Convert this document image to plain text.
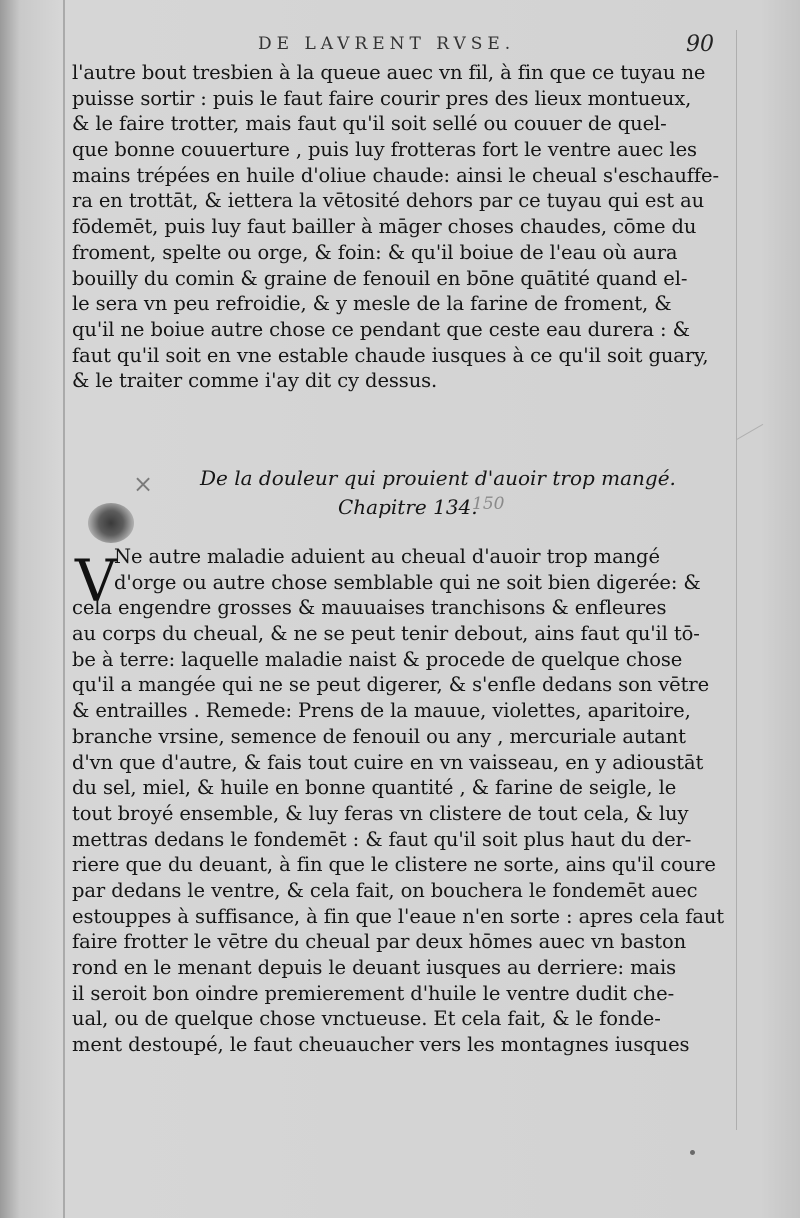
DE LAVRENT RVSE.	90
l'autre bout tresbien à la queue auec vn fil, à fin que ce tuyau ne
puisse sortir : puis le faut faire courir pres des lieux montueux,
& le faire trotter, mais faut qu'il soit sellé ou couuer de quel-
que bonne couuerture , puis luy frotteras fort le ventre auec les
mains trépées en huile d'oliue chaude: ainsi le cheual s'eschauffe-
ra en trottāt, & iettera la vētosité dehors par ce tuyau qui est au
fōdemēt, puis luy faut bailler à māger choses chaudes, cōme du
froment, spelte ou orge, & foin: & qu'il boiue de l'eau où aura
bouilly du comin & graine de fenouil en bōne quātité quand el-
le sera vn peu refroidie, & y mesle de la farine de froment, &
qu'il ne boiue autre chose ce pendant que ceste eau durera : &
faut qu'il soit en vne estable chaude iusques à ce qu'il soit guary,
& le traiter comme i'ay dit cy dessus.
× De la douleur qui prouient d'auoir trop mangé.
Chapitre 134.
150
V
Ne autre maladie aduient au cheual d'auoir trop mangé
d'orge ou autre chose semblable qui ne soit bien digerée: &
cela engendre grosses & mauuaises tranchisons & enfleures
au corps du cheual, & ne se peut tenir debout, ains faut qu'il tō-
be à terre: laquelle maladie naist & procede de quelque chose
qu'il a mangée qui ne se peut digerer, & s'enfle dedans son vētre
& entrailles . Remede: Prens de la mauue, violettes, aparitoire,
branche vrsine, semence de fenouil ou any , mercuriale autant
d'vn que d'autre, & fais tout cuire en vn vaisseau, en y adioustāt
du sel, miel, & huile en bonne quantité , & farine de seigle, le
tout broyé ensemble, & luy feras vn clistere de tout cela, & luy
mettras dedans le fondemēt : & faut qu'il soit plus haut du der-
riere que du deuant, à fin que le clistere ne sorte, ains qu'il coure
par dedans le ventre, & cela fait, on bouchera le fondemēt auec
estouppes à suffisance, à fin que l'eaue n'en sorte : apres cela faut
faire frotter le vētre du cheual par deux hōmes auec vn baston
rond en le menant depuis le deuant iusques au derriere: mais
il seroit bon oindre premierement d'huile le ventre dudit che-
ual, ou de quelque chose vnctueuse. Et cela fait, & le fonde-
ment destoupé, le faut cheuaucher vers les montagnes iusques
